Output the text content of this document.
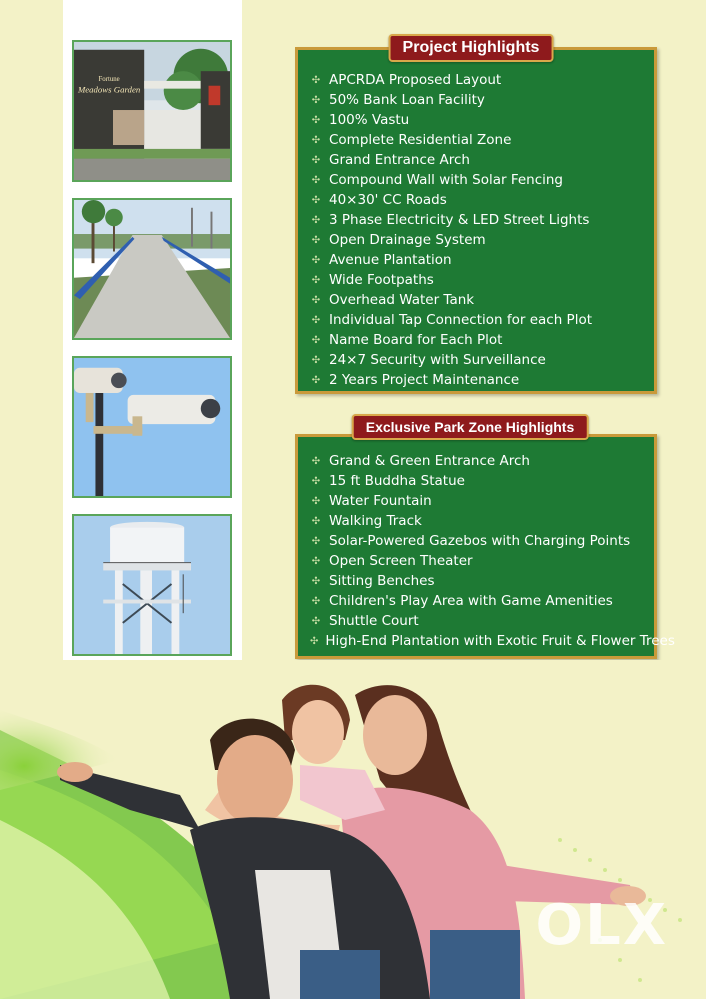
Fortune
Meadows Garden
✣ APCRDA Proposed Layout
✣ 50% Bank Loan Facility
✣ 100% Vastu
✣ Complete Residential Zone
✣ Grand Entrance Arch
✣ Compound Wall with Solar Fencing
✣ 40×30' CC Roads
✣ 3 Phase Electricity & LED Street Lights
✣ Open Drainage System
✣ Avenue Plantation
✣ Wide Footpaths
✣ Overhead Water Tank
✣ Individual Tap Connection for each Plot
✣ Name Board for Each Plot
✣ 24×7 Security with Surveillance
✣ 2 Years Project Maintenance
Project Highlights
✣ Grand & Green Entrance Arch
✣ 15 ft Buddha Statue
✣ Water Fountain
✣ Walking Track
✣ Solar-Powered Gazebos with Charging Points
✣ Open Screen Theater
✣ Sitting Benches
✣ Children's Play Area with Game Amenities
✣ Shuttle Court
✣ High-End Plantation with Exotic Fruit & Flower Trees
Exclusive Park Zone Highlights
OLX
